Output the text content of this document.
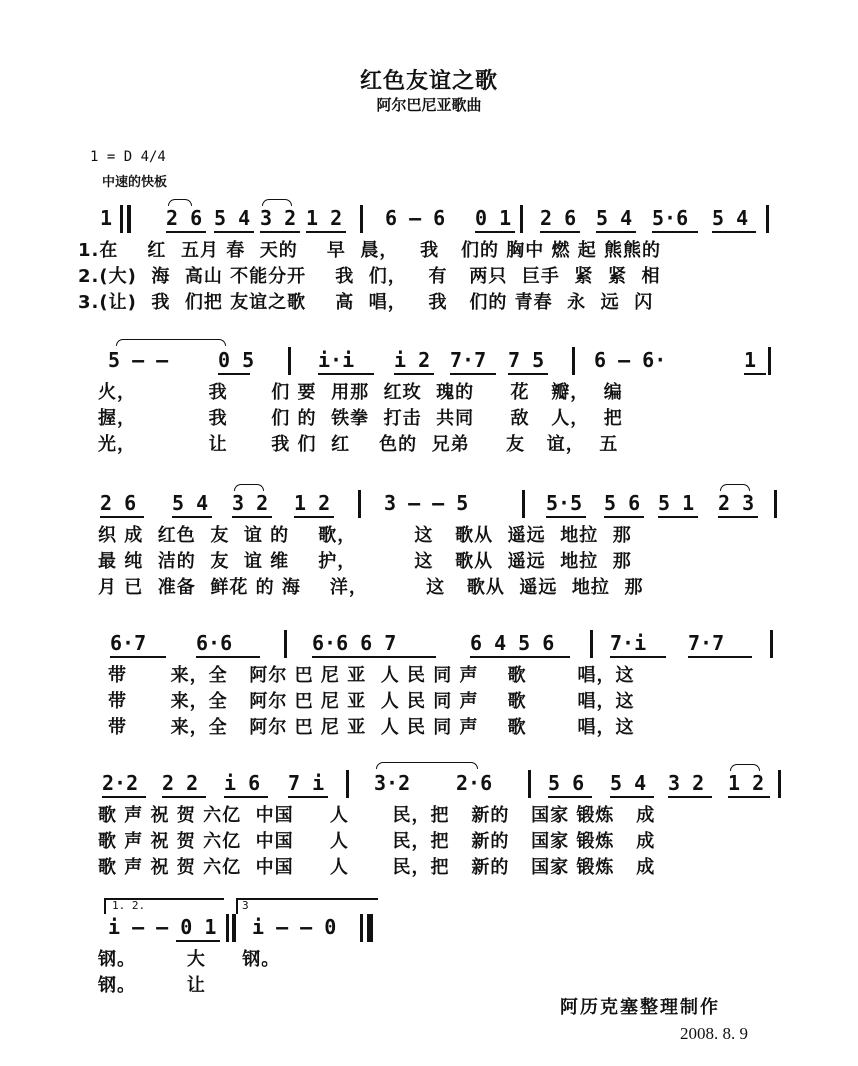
红色友谊之歌
阿尔巴尼亚歌曲
1 = D 4/4
中速的快板
1	2 6 5 4 3 2 1 2 6 – 6 0 1 2 6 5 4 5·6 5 4
1.在    红  五月 春  天的    早  晨，   我   们的 胸中 燃 起 熊熊的
2.(大)  海  高山 不能分开    我  们，   有   两只  巨手  紧  紧  相
3.(让)  我  们把 友谊之歌    高  唱，   我   们的 青春  永  远  闪
5 – – 0 5	i·i i 2 7·7 7 5 6 – 6·	1
火，          我      们 要  用那  红玫  瑰的     花   瓣，  编
握，          我      们 的  铁拳  打击  共同     敌   人，  把
光，          让      我 们  红    色的  兄弟     友   谊，  五
2 6 5 4 3 2 1 2	3 – – 5	5·5 5 6 5 1 2 3
织 成  红色  友  谊 的    歌，        这   歌从  遥远  地拉  那
最 纯  洁的  友  谊 维    护，        这   歌从  遥远  地拉  那
月 已  准备  鲜花 的 海    洋，        这   歌从  遥远  地拉  那
6·7 6·6	6·6 6 7	6 4 5 6	7·i 7·7
带      来，全   阿尔 巴 尼 亚  人 民 同 声    歌       唱，这
带      来，全   阿尔 巴 尼 亚  人 民 同 声    歌       唱，这
带      来，全   阿尔 巴 尼 亚  人 民 同 声    歌       唱，这
2·2 2 2 i 6 7 i 3·2 2·6	5 6 5 4 3 2 1 2
歌 声 祝 贺 六亿  中国     人      民，把   新的   国家 锻炼   成
歌 声 祝 贺 六亿  中国     人      民，把   新的   国家 锻炼   成
歌 声 祝 贺 六亿  中国     人      民，把   新的   国家 锻炼   成
1. 2.	3
i – – 0 1 i – – 0
钢。       大     钢。
钢。       让
阿历克塞整理制作
2008. 8. 9
